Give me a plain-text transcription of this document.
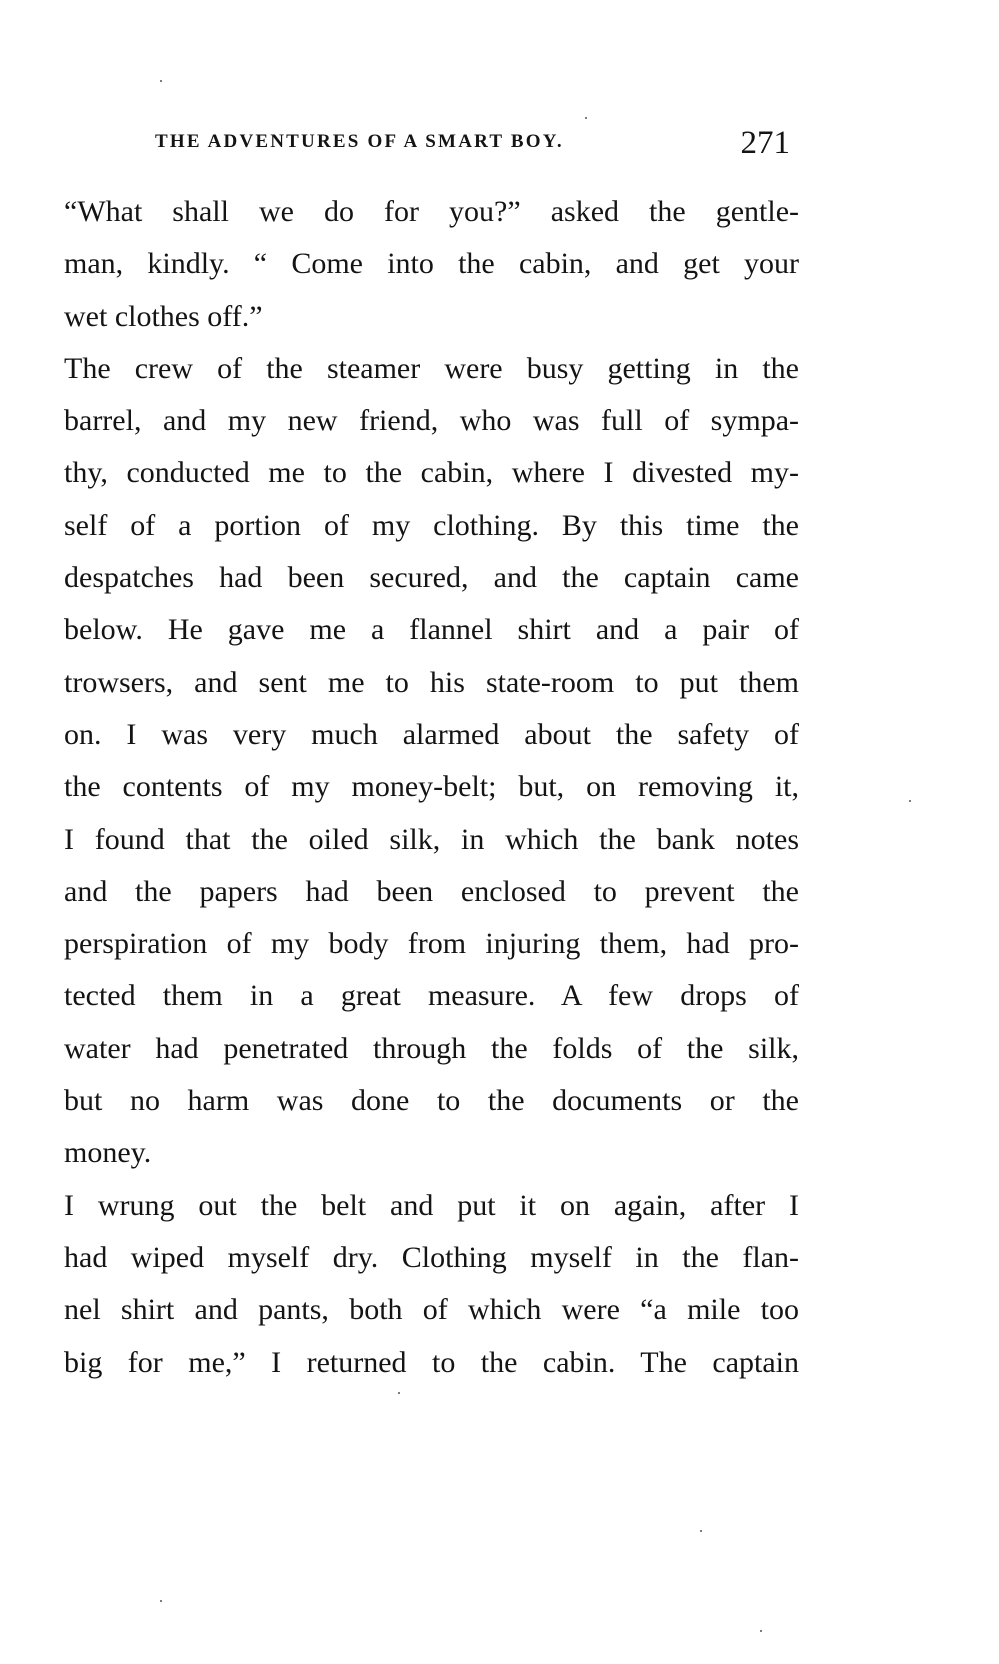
THE ADVENTURES OF A SMART BOY.	271
“What shall we do for you?” asked the gentle-
man, kindly. “ Come into the cabin, and get your
wet clothes off.”
The crew of the steamer were busy getting in the
barrel, and my new friend, who was full of sympa-
thy, conducted me to the cabin, where I divested my-
self of a portion of my clothing. By this time the
despatches had been secured, and the captain came
below. He gave me a flannel shirt and a pair of
trowsers, and sent me to his state-room to put them
on. I was very much alarmed about the safety of
the contents of my money-belt; but, on removing it,
I found that the oiled silk, in which the bank notes
and the papers had been enclosed to prevent the
perspiration of my body from injuring them, had pro-
tected them in a great measure. A few drops of
water had penetrated through the folds of the silk,
but no harm was done to the documents or the
money.
I wrung out the belt and put it on again, after I
had wiped myself dry. Clothing myself in the flan-
nel shirt and pants, both of which were “a mile too
big for me,” I returned to the cabin. The captain
